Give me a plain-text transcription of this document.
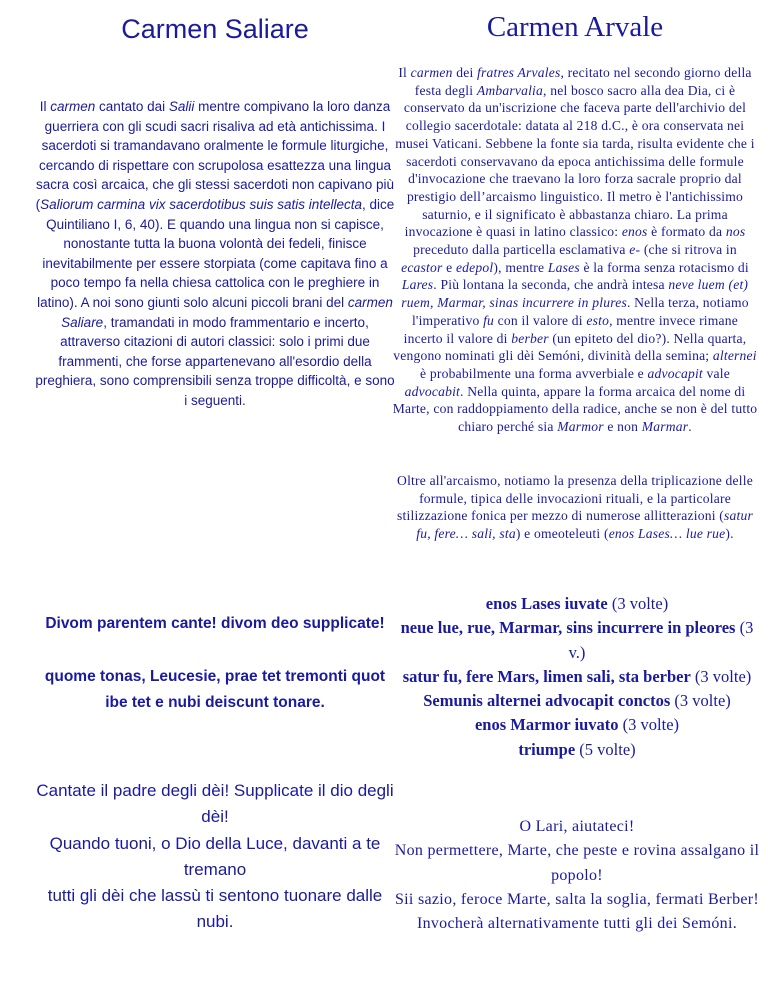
Carmen Saliare	Carmen Arvale
Il carmen cantato dai Salii mentre compivano la loro danza guerriera con gli scudi sacri risaliva ad età antichissima. I sacerdoti si tramandavano oralmente le formule liturgiche, cercando di rispettare con scrupolosa esattezza una lingua sacra così arcaica, che gli stessi sacerdoti non capivano più (Saliorum carmina vix sacerdotibus suis satis intellecta, dice Quintiliano I, 6, 40). E quando una lingua non si capisce, nonostante tutta la buona volontà dei fedeli, finisce inevitabilmente per essere storpiata (come capitava fino a poco tempo fa nella chiesa cattolica con le preghiere in latino). A noi sono giunti solo alcuni piccoli brani del carmen Saliare, tramandati in modo frammentario e incerto, attraverso citazioni di autori classici: solo i primi due frammenti, che forse appartenevano all'esordio della preghiera, sono comprensibili senza troppe difficoltà, e sono i seguenti.
Il carmen dei fratres Arvales, recitato nel secondo giorno della festa degli Ambarvalia, nel bosco sacro alla dea Dia, ci è conservato da un'iscrizione che faceva parte dell'archivio del collegio sacerdotale: datata al 218 d.C., è ora conservata nei musei Vaticani. Sebbene la fonte sia tarda, risulta evidente che i sacerdoti conservavano da epoca antichissima delle formule d'invocazione che traevano la loro forza sacrale proprio dal prestigio dell’arcaismo linguistico. Il metro è l'antichissimo saturnio, e il significato è abbastanza chiaro. La prima invocazione è quasi in latino classico: enos è formato da nos preceduto dalla particella esclamativa e- (che si ritrova in ecastor e edepol), mentre Lases è la forma senza rotacismo di Lares. Più lontana la seconda, che andrà intesa neve luem (et) ruem, Marmar, sinas incurrere in plures. Nella terza, notiamo l'imperativo fu con il valore di esto, mentre invece rimane incerto il valore di berber (un epiteto del dio?). Nella quarta, vengono nominati gli dèi Semóni, divinità della semina; alternei è probabilmente una forma avverbiale e advocapit vale advocabit. Nella quinta, appare la forma arcaica del nome di Marte, con raddoppiamento della radice, anche se non è del tutto chiaro perché sia Marmor e non Marmar.
Oltre all'arcaismo, notiamo la presenza della triplicazione delle formule, tipica delle invocazioni rituali, e la particolare stilizzazione fonica per mezzo di numerose allitterazioni (satur fu, fere… sali, sta) e omeoteleuti (enos Lases… lue rue).

Divom parentem cante! divom deo supplicate!

quome tonas, Leucesie, prae tet tremonti quot ibe tet e nubi deiscunt tonare.

Cantate il padre degli dèi! Supplicate il dio degli dèi!

Quando tuoni, o Dio della Luce, davanti a te tremano

tutti gli dèi che lassù ti sentono tuonare dalle nubi.

enos Lases iuvate (3 volte)

neue lue, rue, Marmar, sins incurrere in pleores (3 v.)

satur fu, fere Mars, limen sali, sta berber (3 volte)

Semunis alternei advocapit conctos (3 volte)

enos Marmor iuvato (3 volte)

triumpe (5 volte)

O Lari, aiutateci!

Non permettere, Marte, che peste e rovina assalgano il popolo!

Sii sazio, feroce Marte, salta la soglia, fermati Berber!

Invocherà alternativamente tutti gli dei Semóni.
